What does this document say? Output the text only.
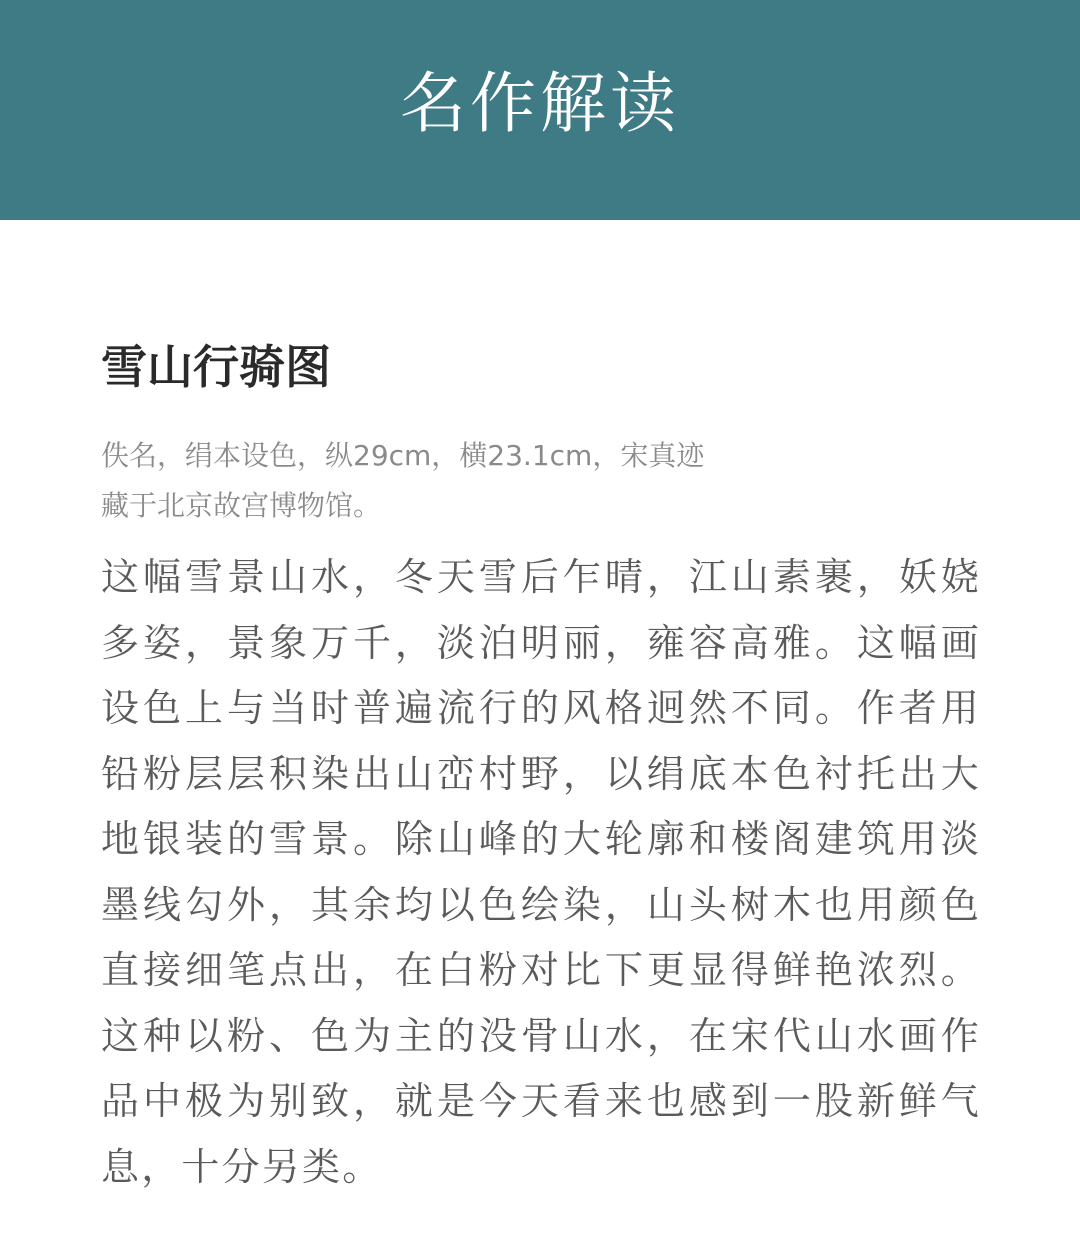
名作解读
雪山行骑图
佚名，绢本设色，纵29cm，横23.1cm，宋真迹藏于北京故宫博物馆。
这幅雪景山水，冬天雪后乍晴，江山素裹，妖娆多姿，景象万千，淡泊明丽，雍容高雅。这幅画设色上与当时普遍流行的风格迥然不同。作者用铅粉层层积染出山峦村野，以绢底本色衬托出大地银装的雪景。除山峰的大轮廓和楼阁建筑用淡墨线勾外，其余均以色绘染，山头树木也用颜色直接细笔点出，在白粉对比下更显得鲜艳浓烈。这种以粉、色为主的没骨山水，在宋代山水画作品中极为别致，就是今天看来也感到一股新鲜气息，十分另类。
